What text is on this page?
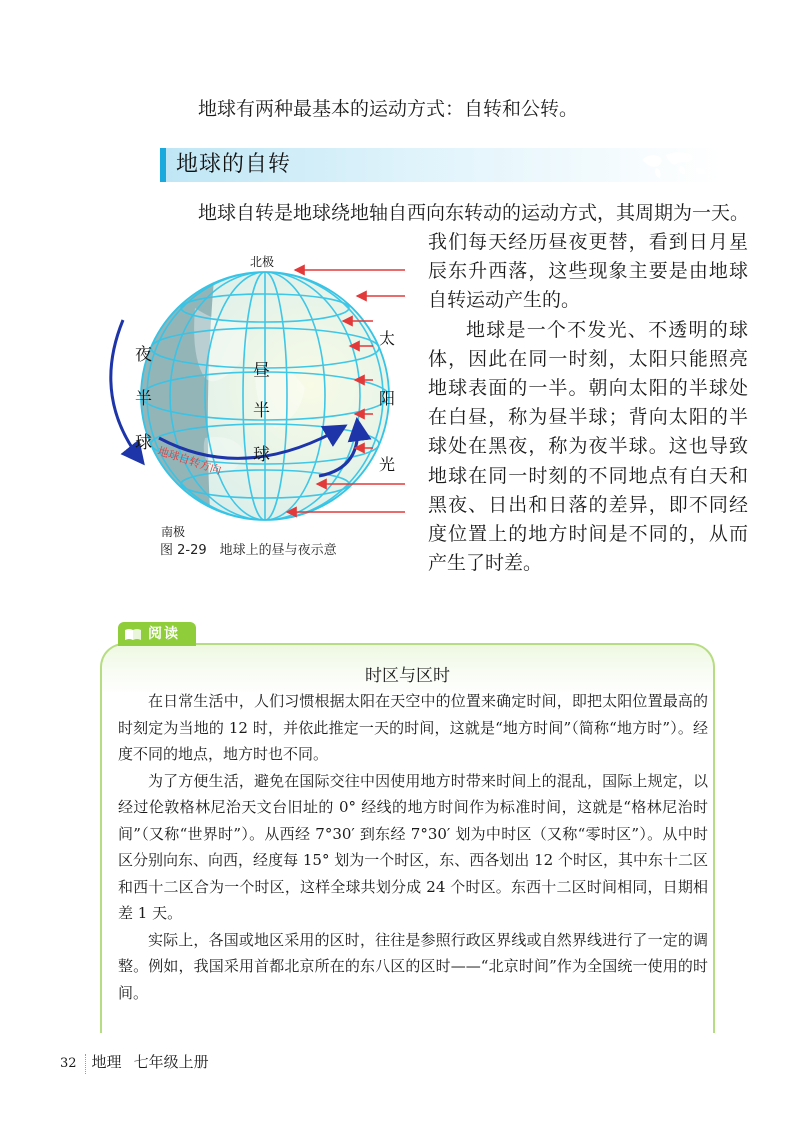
地球有两种最基本的运动方式：自转和公转。
地球的自转
地球自转是地球绕地轴自西向东转动的运动方式，其周期为一天。

我们每天经历昼夜更替，看到日月星辰东升西落，这些现象主要是由地球自转运动产生的。

地球是一个不发光、不透明的球体，因此在同一时刻，太阳只能照亮地球表面的一半。朝向太阳的半球处在白昼，称为昼半球；背向太阳的半球处在黑夜，称为夜半球。这也导致地球在同一时刻的不同地点有白天和黑夜、日出和日落的差异，即不同经度位置上的地方时间是不同的，从而产生了时差。

北极
南极
夜
半
球
昼
半
球
太
阳
光
地球自转方向
图 2-29　地球上的昼与夜示意
阅读
时区与区时

在日常生活中，人们习惯根据太阳在天空中的位置来确定时间，即把太阳位置最高的时刻定为当地的 12 时，并依此推定一天的时间，这就是“地方时间”（简称“地方时”）。经度不同的地点，地方时也不同。

为了方便生活，避免在国际交往中因使用地方时带来时间上的混乱，国际上规定，以经过伦敦格林尼治天文台旧址的 0° 经线的地方时间作为标准时间，这就是“格林尼治时间”（又称“世界时”）。从西经 7°30′ 到东经 7°30′ 划为中时区（又称“零时区”）。从中时区分别向东、向西，经度每 15° 划为一个时区，东、西各划出 12 个时区，其中东十二区和西十二区合为一个时区，这样全球共划分成 24 个时区。东西十二区时间相同，日期相差 1 天。

实际上，各国或地区采用的区时，往往是参照行政区界线或自然界线进行了一定的调整。例如，我国采用首都北京所在的东八区的区时——“北京时间”作为全国统一使用的时间。

32 地理 七年级上册
